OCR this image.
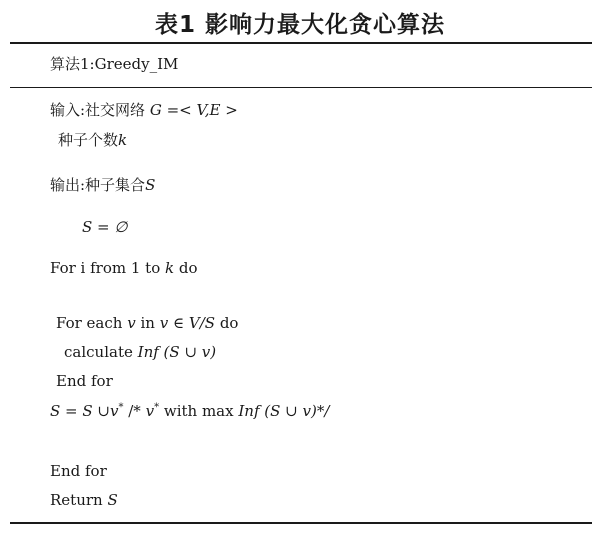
表1 影响力最大化贪心算法
算法1:Greedy_IM
输入:社交网络 G =< V,E >
种子个数k
输出:种子集合S
S = ∅
For i from 1 to k do
For each v in v ∈ V/S do
calculate Inf (S ∪ v)
End for
S = S ∪v* /* v* with max Inf (S ∪ v)*/
End for
Return S
